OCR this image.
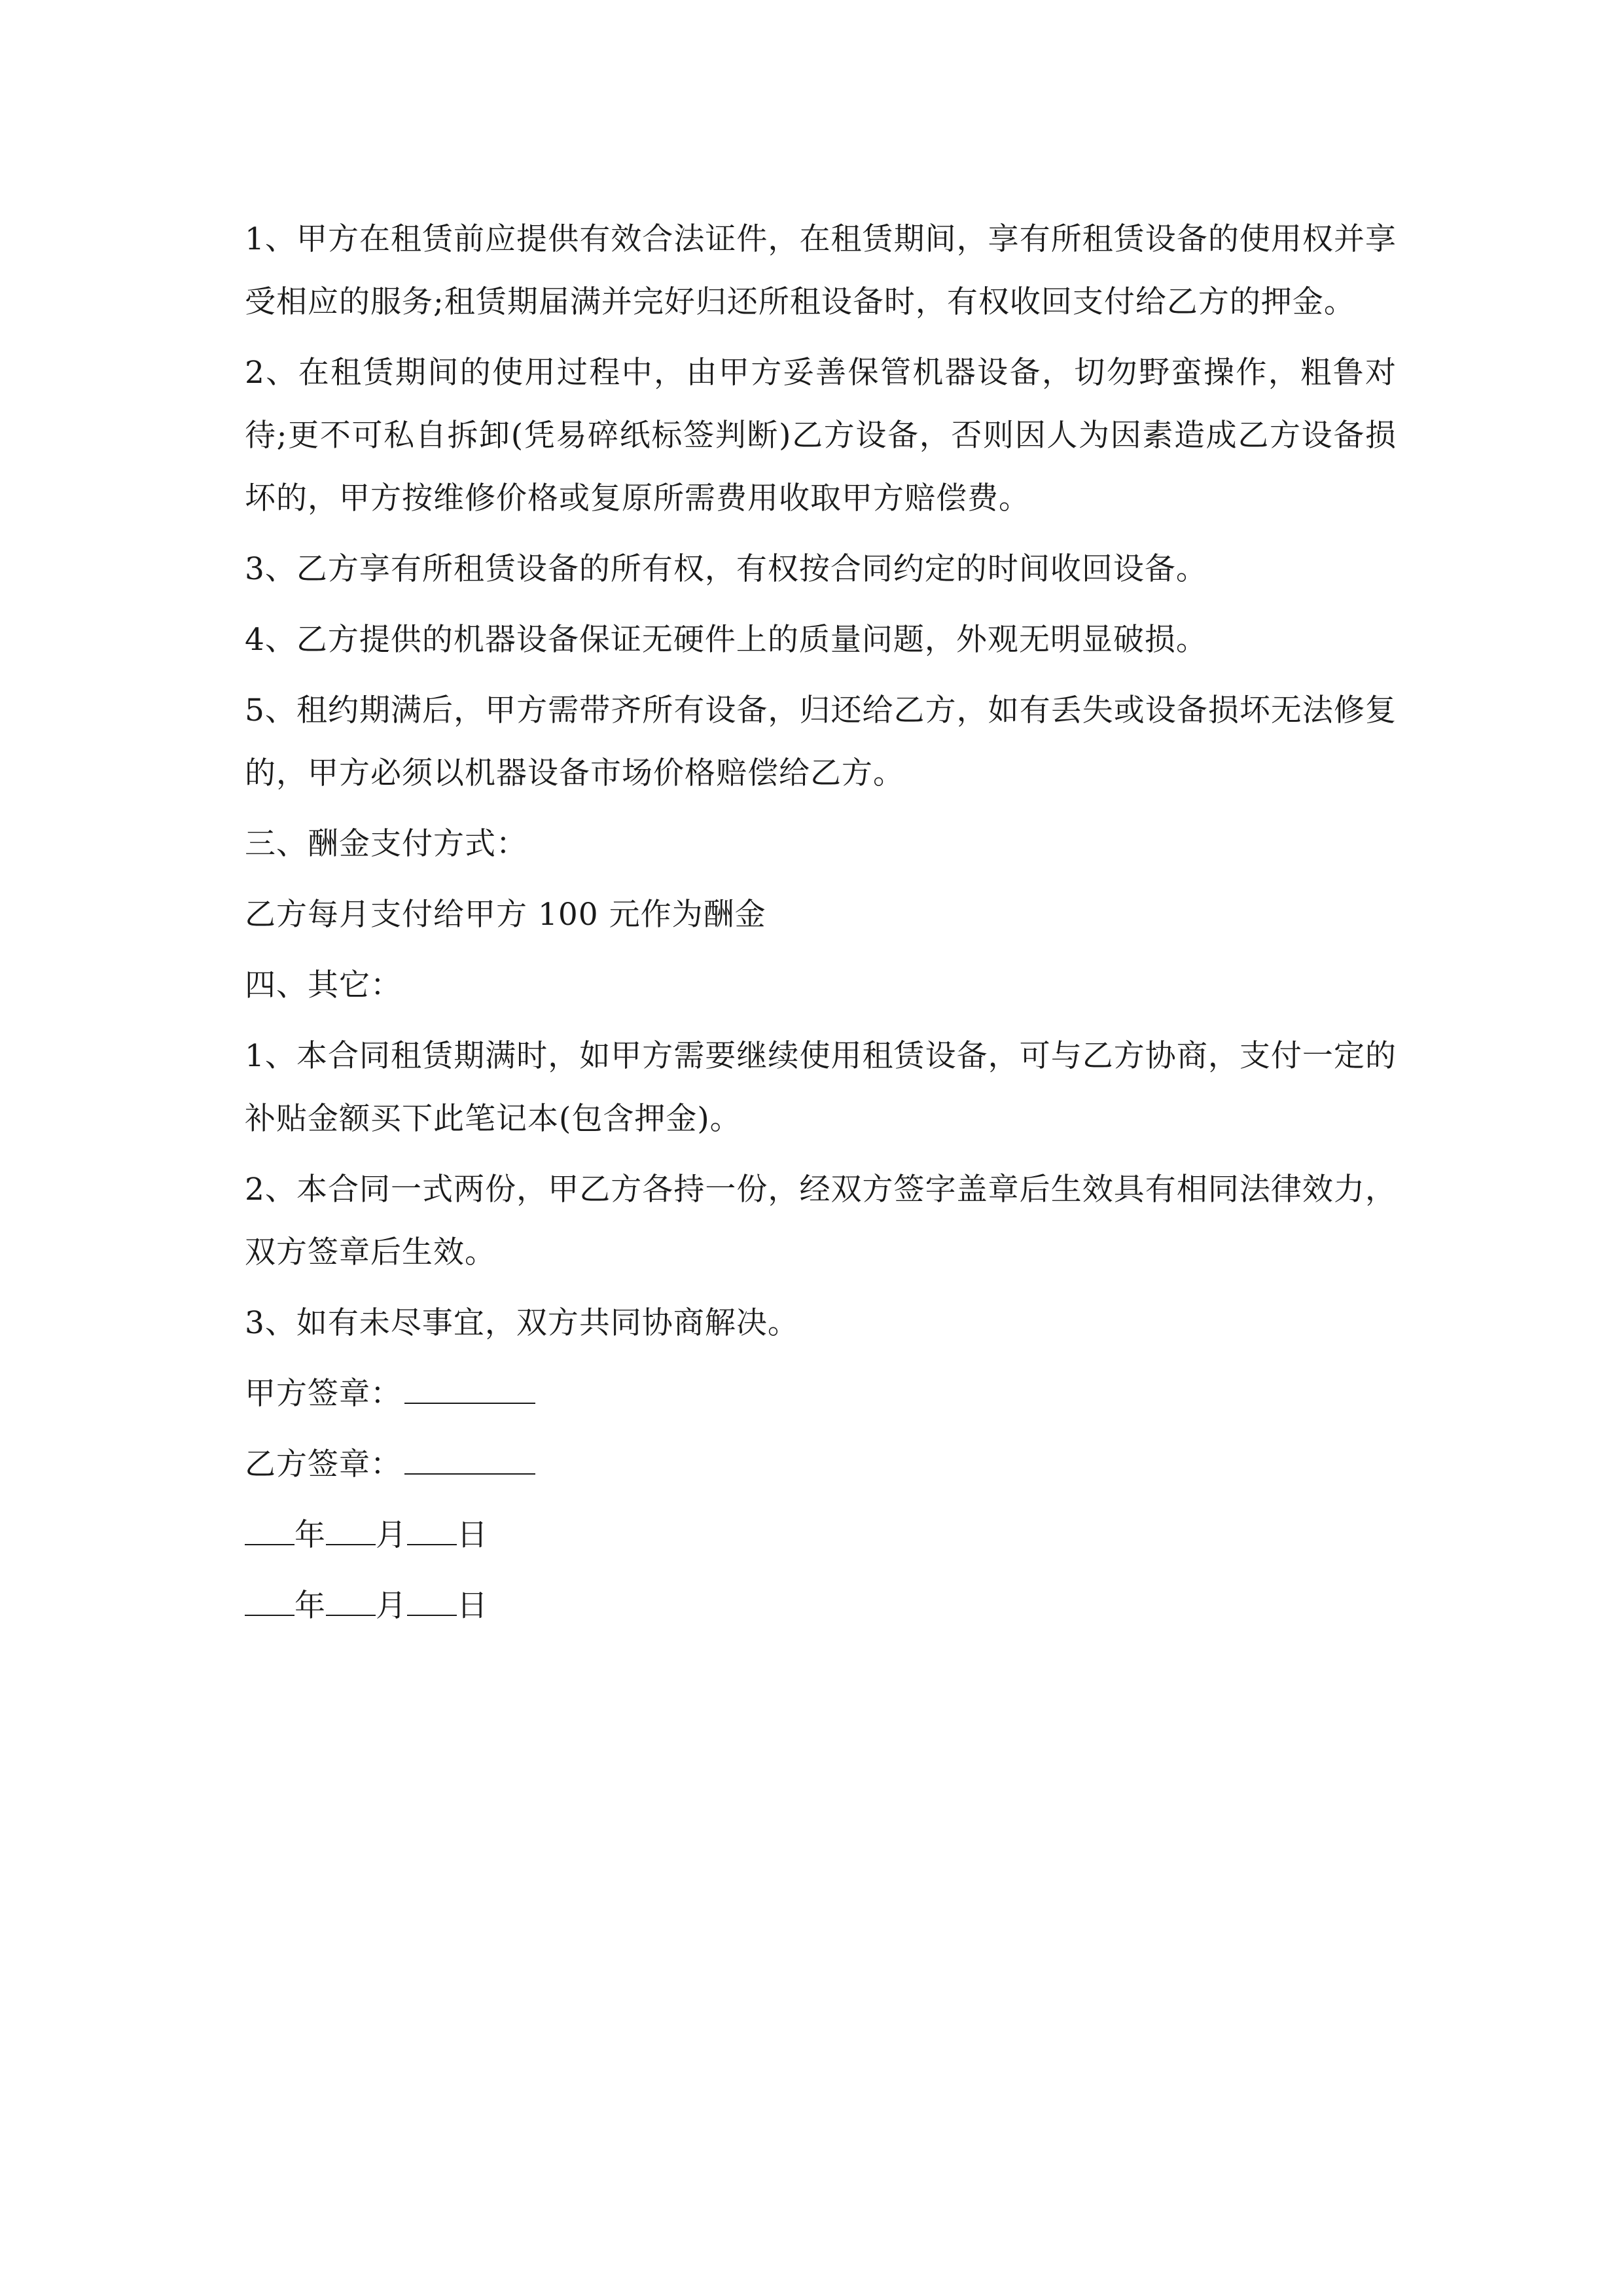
1、甲方在租赁前应提供有效合法证件，在租赁期间，享有所租赁设备的使用权并享受相应的服务;租赁期届满并完好归还所租设备时，有权收回支付给乙方的押金。

2、在租赁期间的使用过程中，由甲方妥善保管机器设备，切勿野蛮操作，粗鲁对待;更不可私自拆卸(凭易碎纸标签判断)乙方设备，否则因人为因素造成乙方设备损坏的，甲方按维修价格或复原所需费用收取甲方赔偿费。

3、乙方享有所租赁设备的所有权，有权按合同约定的时间收回设备。

4、乙方提供的机器设备保证无硬件上的质量问题，外观无明显破损。

5、租约期满后，甲方需带齐所有设备，归还给乙方，如有丢失或设备损坏无法修复的，甲方必须以机器设备市场价格赔偿给乙方。

三、酬金支付方式：

乙方每月支付给甲方 100 元作为酬金

四、其它：

1、本合同租赁期满时，如甲方需要继续使用租赁设备，可与乙方协商，支付一定的补贴金额买下此笔记本(包含押金)。

2、本合同一式两份，甲乙方各持一份，经双方签字盖章后生效具有相同法律效力，双方签章后生效。

3、如有未尽事宜，双方共同协商解决。

甲方签章：

乙方签章：

年 月 日

年 月 日
